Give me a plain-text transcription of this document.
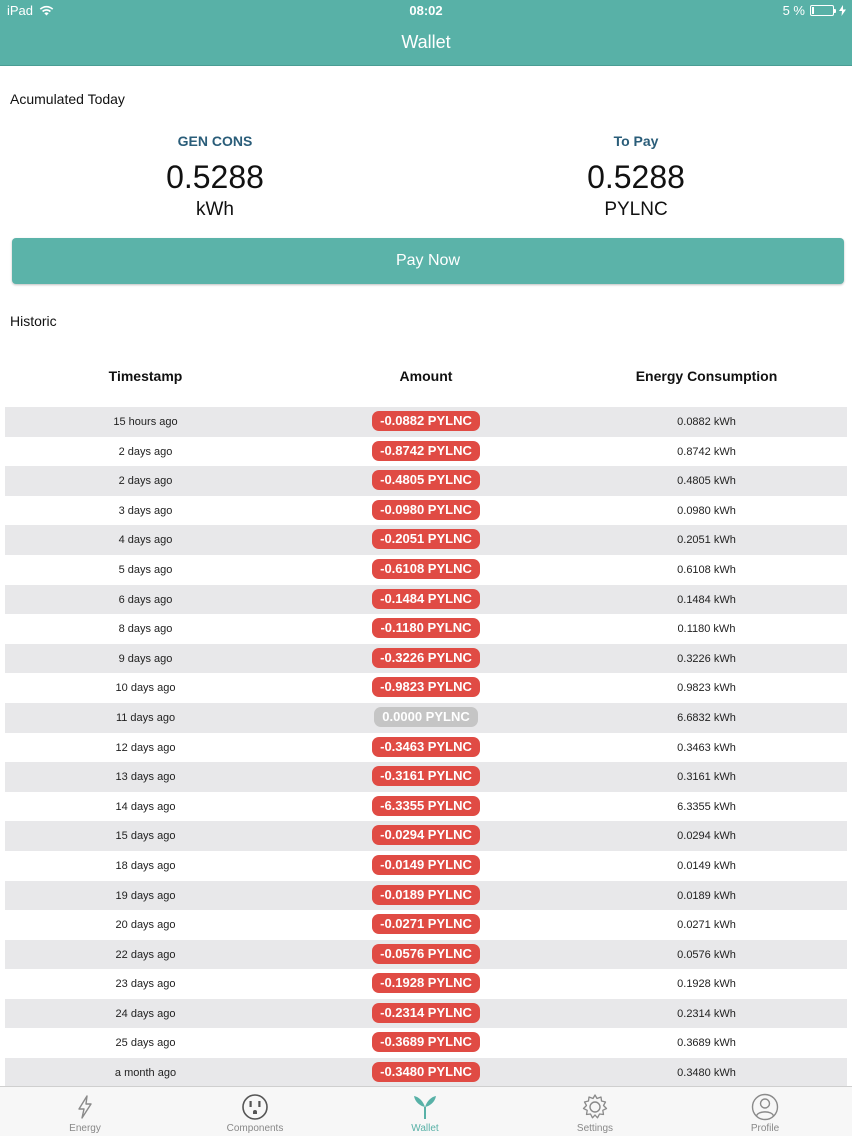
iPad	08:02	5 %
Wallet
Acumulated Today
GEN CONS
0.5288
kWh
To Pay
0.5288
PYLNC
Pay Now
Historic
Timestamp	Amount	Energy Consumption
15 hours ago	-0.0882 PYLNC	0.0882 kWh
2 days ago	-0.8742 PYLNC	0.8742 kWh
2 days ago	-0.4805 PYLNC	0.4805 kWh
3 days ago	-0.0980 PYLNC	0.0980 kWh
4 days ago	-0.2051 PYLNC	0.2051 kWh
5 days ago	-0.6108 PYLNC	0.6108 kWh
6 days ago	-0.1484 PYLNC	0.1484 kWh
8 days ago	-0.1180 PYLNC	0.1180 kWh
9 days ago	-0.3226 PYLNC	0.3226 kWh
10 days ago	-0.9823 PYLNC	0.9823 kWh
11 days ago	0.0000 PYLNC	6.6832 kWh
12 days ago	-0.3463 PYLNC	0.3463 kWh
13 days ago	-0.3161 PYLNC	0.3161 kWh
14 days ago	-6.3355 PYLNC	6.3355 kWh
15 days ago	-0.0294 PYLNC	0.0294 kWh
18 days ago	-0.0149 PYLNC	0.0149 kWh
19 days ago	-0.0189 PYLNC	0.0189 kWh
20 days ago	-0.0271 PYLNC	0.0271 kWh
22 days ago	-0.0576 PYLNC	0.0576 kWh
23 days ago	-0.1928 PYLNC	0.1928 kWh
24 days ago	-0.2314 PYLNC	0.2314 kWh
25 days ago	-0.3689 PYLNC	0.3689 kWh
a month ago	-0.3480 PYLNC	0.3480 kWh
Energy	Components	Wallet	Settings	Profile
